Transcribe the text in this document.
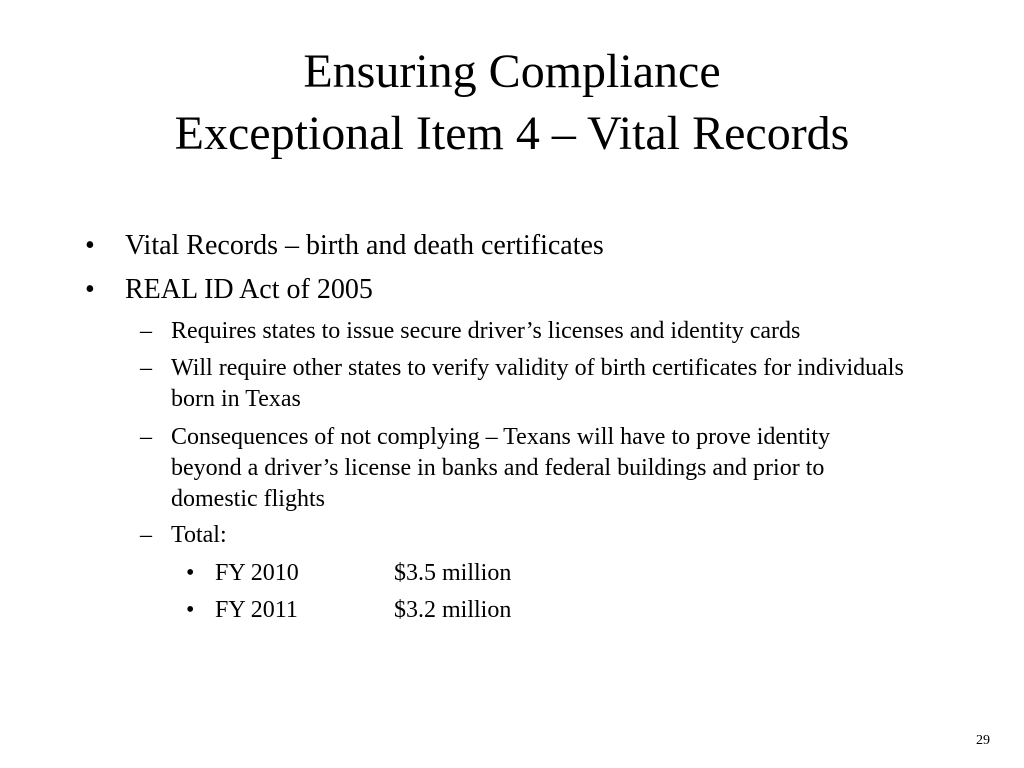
Ensuring Compliance
Exceptional Item 4 – Vital Records
• Vital Records – birth and death certificates
• REAL ID Act of 2005
– Requires states to issue secure driver’s licenses and identity cards
– Will require other states to verify validity of birth certificates for individuals born in Texas
– Consequences of not complying – Texans will have to prove identity beyond a driver’s license in banks and federal buildings and prior to domestic flights
– Total:
• FY 2010	$3.5 million
• FY 2011	$3.2 million
29
